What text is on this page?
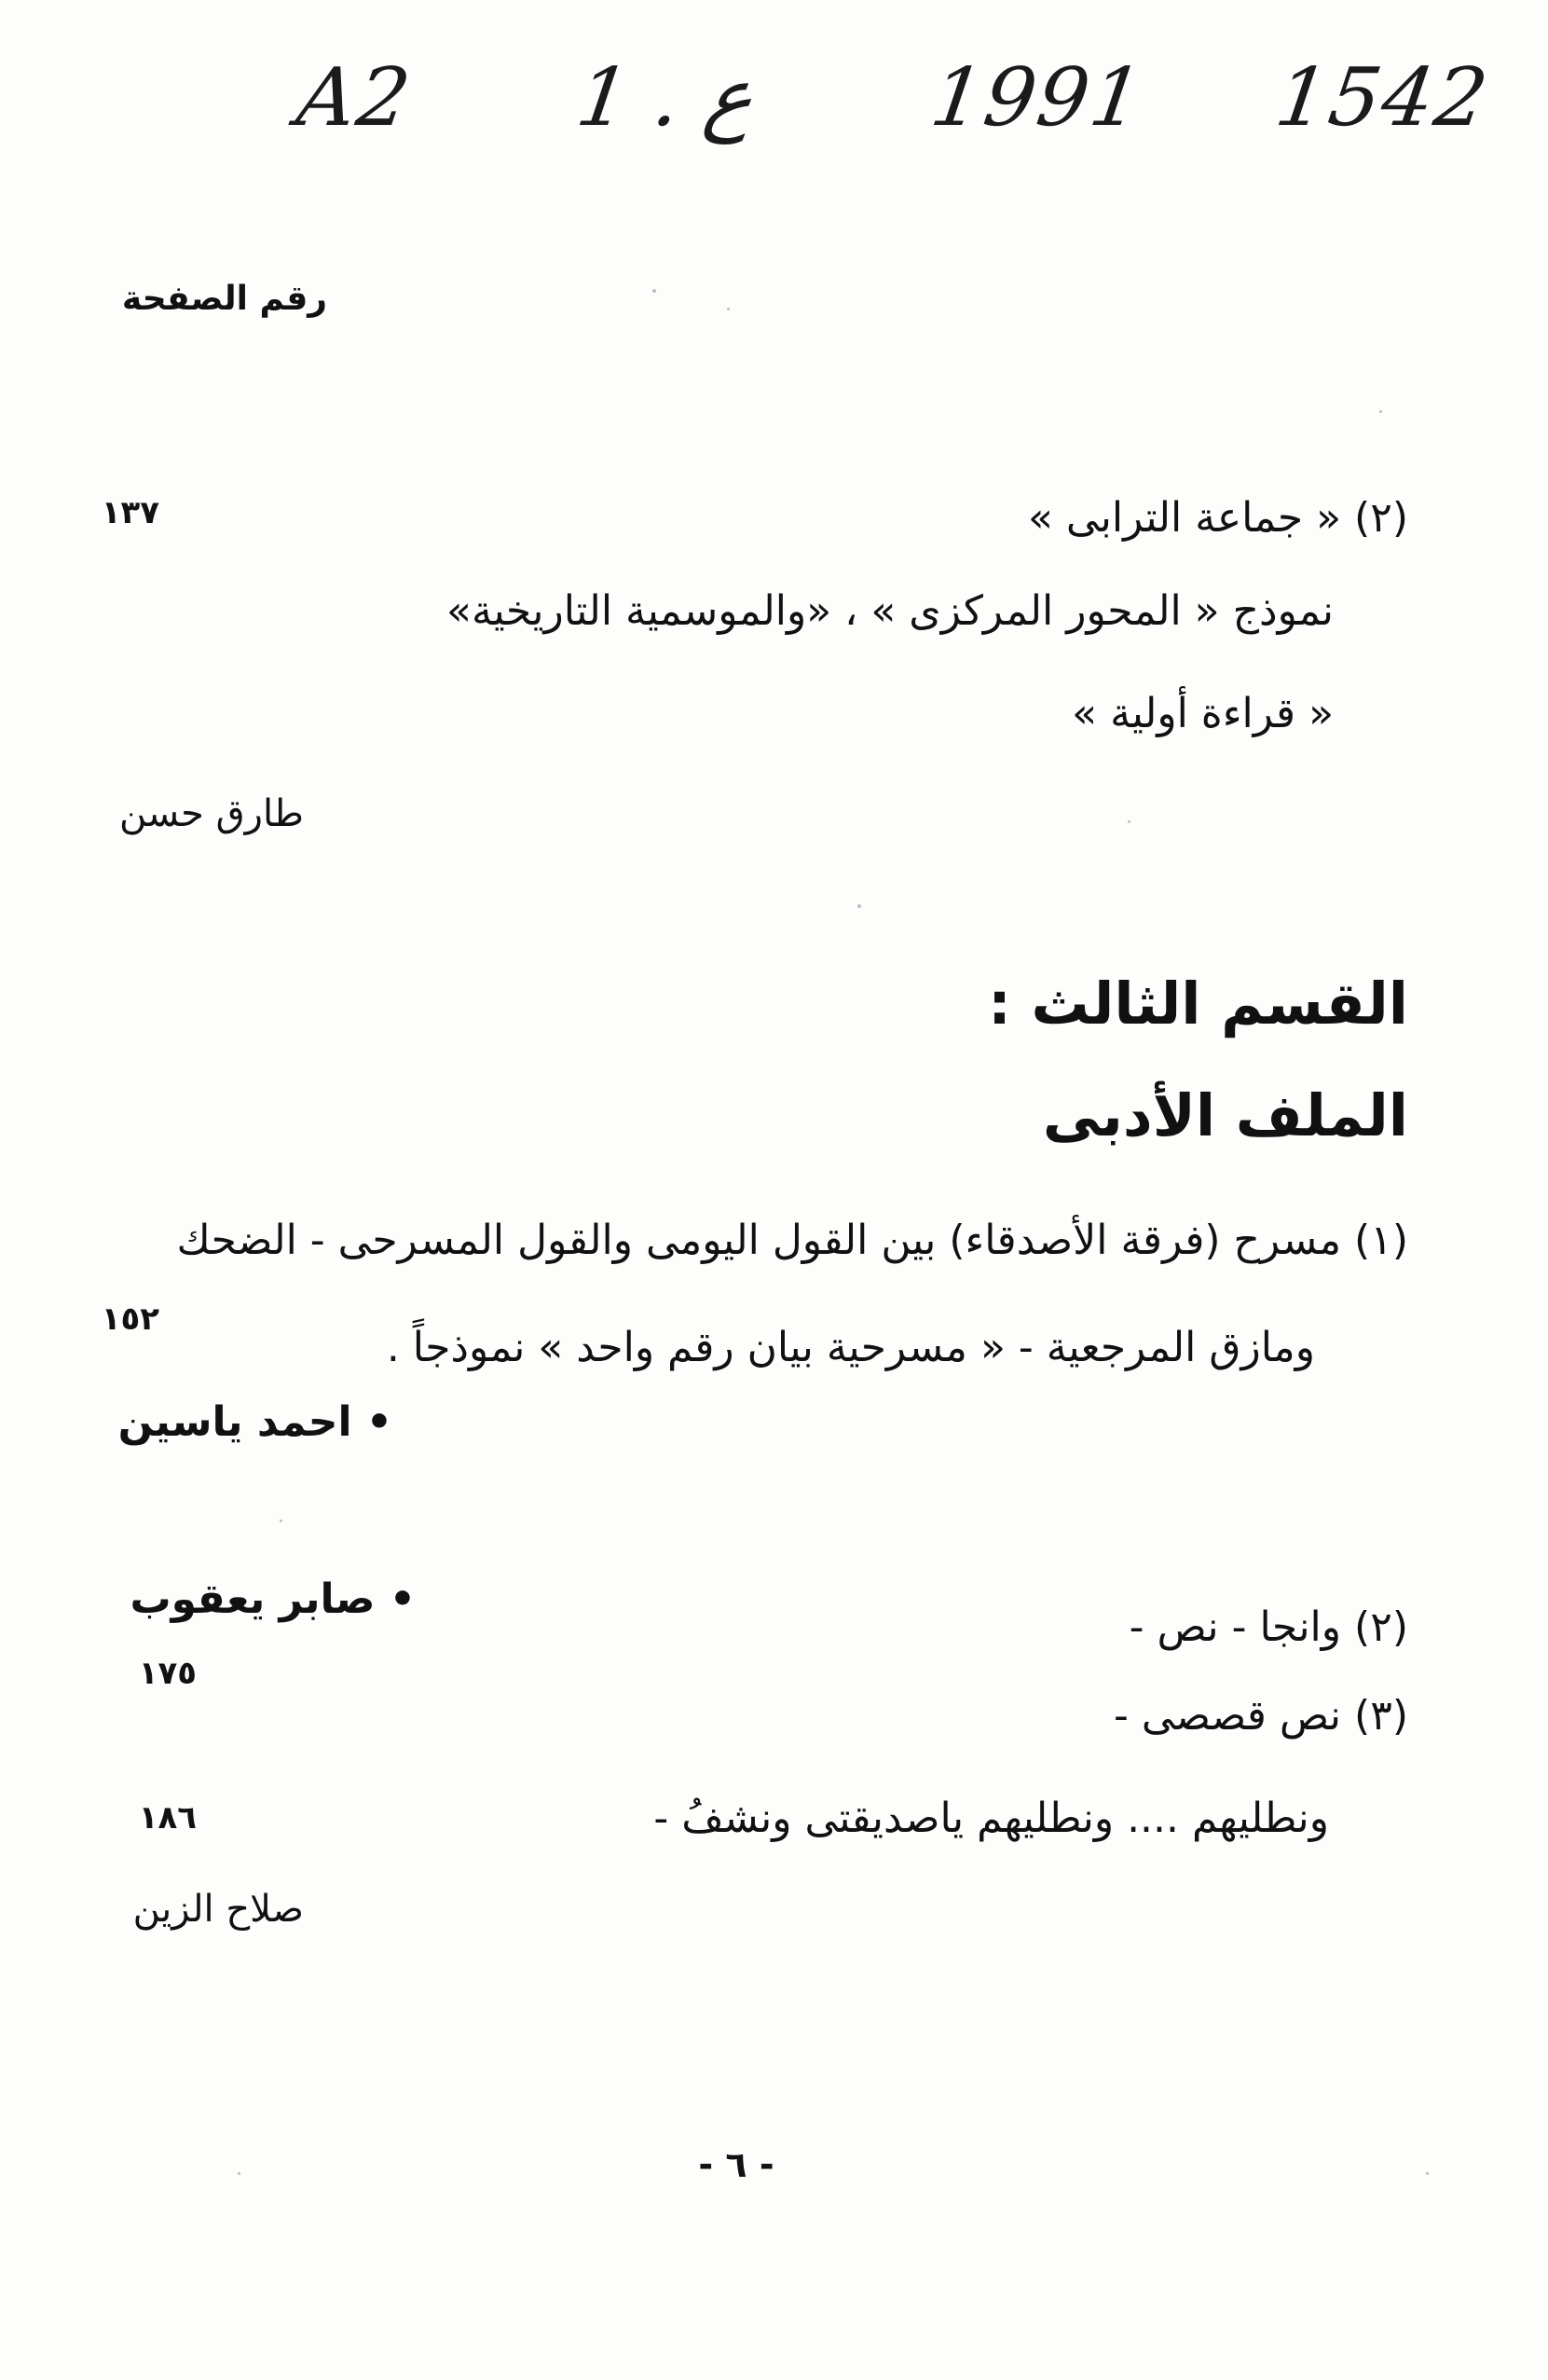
A2 1 . ع 1991 1542
رقم الصفحة
(٢) « جماعة الترابى »
نموذج « المحور المركزى » ، «والموسمية التاريخية»
« قراءة أولية »
١٣٧
طارق حسن
القسم الثالث :
الملف الأدبى
(١) مسرح (فرقة الأصدقاء) بين القول اليومى والقول المسرحى - الضحك
ومازق المرجعية - « مسرحية بيان رقم واحد » نموذجاً .
١٥٢
• احمد ياسين
• صابر يعقوب
(٢) وانجا - نص -
١٧٥
(٣) نص قصصى -
ونطليهم .... ونطليهم ياصديقتى ونشفُ -
١٨٦
صلاح الزين
- ٦ -
